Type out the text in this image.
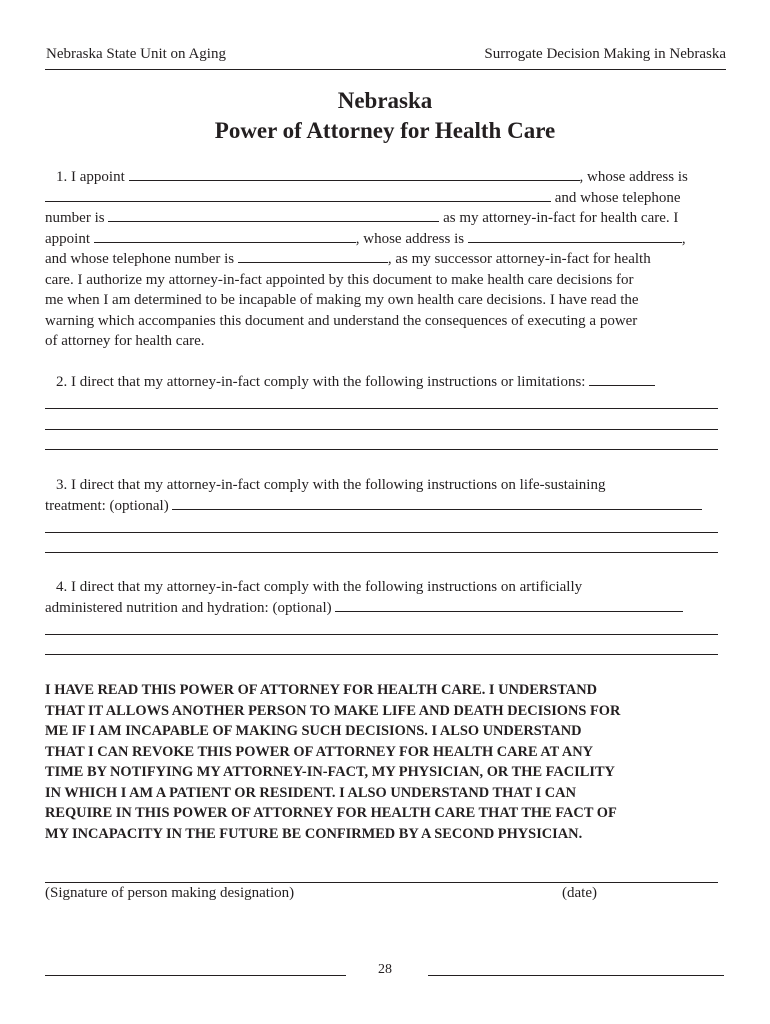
Nebraska State Unit on Aging	Surrogate Decision Making in Nebraska
Nebraska
Power of Attorney for Health Care
1. I appoint	, whose address is
and whose telephone
number is	as my attorney-in-fact for health care. I
appoint	, whose address is	,
and whose telephone number is	, as my successor attorney-in-fact for health
care. I authorize my attorney-in-fact appointed by this document to make health care decisions for
me when I am determined to be incapable of making my own health care decisions. I have read the
warning which accompanies this document and understand the consequences of executing a power
of attorney for health care.
2. I direct that my attorney-in-fact comply with the following instructions or limitations:
3. I direct that my attorney-in-fact comply with the following instructions on life-sustaining
treatment: (optional)
4. I direct that my attorney-in-fact comply with the following instructions on artificially
administered nutrition and hydration: (optional)
I HAVE READ THIS POWER OF ATTORNEY FOR HEALTH CARE. I UNDERSTAND
THAT IT ALLOWS ANOTHER PERSON TO MAKE LIFE AND DEATH DECISIONS FOR
ME IF I AM INCAPABLE OF MAKING SUCH DECISIONS. I ALSO UNDERSTAND
THAT I CAN REVOKE THIS POWER OF ATTORNEY FOR HEALTH CARE AT ANY
TIME BY NOTIFYING MY ATTORNEY-IN-FACT, MY PHYSICIAN, OR THE FACILITY
IN WHICH I AM A PATIENT OR RESIDENT. I ALSO UNDERSTAND THAT I CAN
REQUIRE IN THIS POWER OF ATTORNEY FOR HEALTH CARE THAT THE FACT OF
MY INCAPACITY IN THE FUTURE BE CONFIRMED BY A SECOND PHYSICIAN.
(Signature of person making designation)	(date)
28
